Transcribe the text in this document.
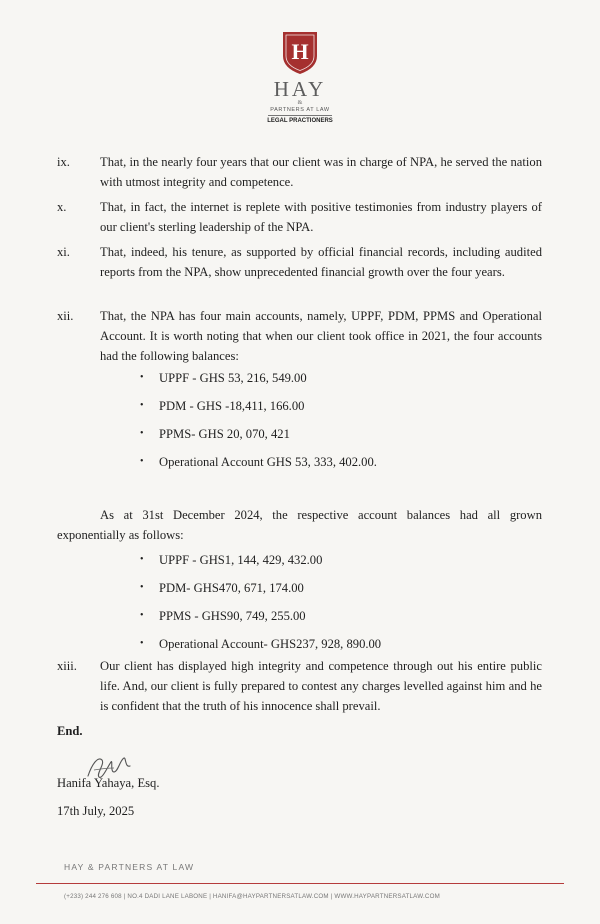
H
HAY
&
PARTNERS AT LAW
LEGAL PRACTIONERS
ix. That, in the nearly four years that our client was in charge of NPA, he served the nation with utmost integrity and competence.
x.	That, in fact, the internet is replete with positive testimonies from industry players of our client's sterling leadership of the NPA.
xi. That, indeed, his tenure, as supported by official financial records, including audited reports from the NPA, show unprecedented financial growth over the four years.
xii. That, the NPA has four main accounts, namely, UPPF, PDM, PPMS and Operational Account. It is worth noting that when our client took office in 2021, the four accounts had the following balances:
• UPPF - GHS 53, 216, 549.00
• PDM - GHS -18,411, 166.00
• PPMS- GHS 20, 070, 421
• Operational Account GHS 53, 333, 402.00.
As at 31st December 2024, the respective account balances had all grown exponentially as follows:
• UPPF - GHS1, 144, 429, 432.00
• PDM- GHS470, 671, 174.00
• PPMS - GHS90, 749, 255.00
• Operational Account- GHS237, 928, 890.00
xiii. Our client has displayed high integrity and competence through out his entire public life. And, our client is fully prepared to contest any charges levelled against him and he is confident that the truth of his innocence shall prevail.
End.
Hanifa Yahaya, Esq.
17th July, 2025
HAY & PARTNERS AT LAW
(+233) 244 276 608 | NO.4 DADI LANE LABONE | HANIFA@HAYPARTNERSATLAW.COM | WWW.HAYPARTNERSATLAW.COM
